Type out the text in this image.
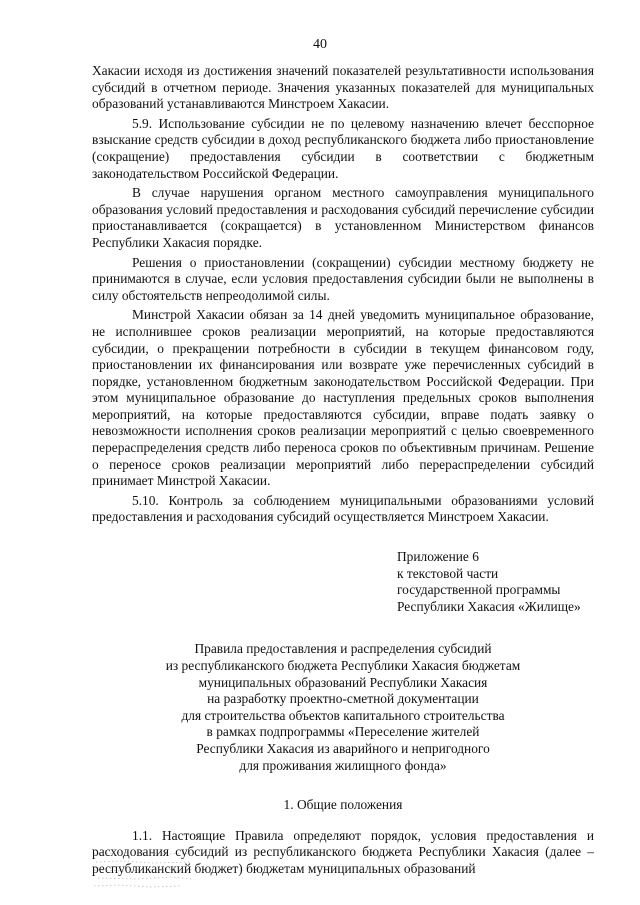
40

Хакасии исходя из достижения значений показателей результативности использования субсидий в отчетном периоде. Значения указанных показателей для муниципальных образований устанавливаются Минстроем Хакасии.

5.9. Использование субсидии не по целевому назначению влечет бесспорное взыскание средств субсидии в доход республиканского бюджета либо приостановление (сокращение) предоставления субсидии в соответствии с бюджетным законодательством Российской Федерации.

В случае нарушения органом местного самоуправления муниципального образования условий предоставления и расходования субсидий перечисление субсидии приостанавливается (сокращается) в установленном Министерством финансов Республики Хакасия порядке.

Решения о приостановлении (сокращении) субсидии местному бюджету не принимаются в случае, если условия предоставления субсидии были не выполнены в силу обстоятельств непреодолимой силы.

Минстрой Хакасии обязан за 14 дней уведомить муниципальное образование, не исполнившее сроков реализации мероприятий, на которые предоставляются субсидии, о прекращении потребности в субсидии в текущем финансовом году, приостановлении их финансирования или возврате уже перечисленных субсидий в порядке, установленном бюджетным законодательством Российской Федерации. При этом муниципальное образование до наступления предельных сроков выполнения мероприятий, на которые предоставляются субсидии, вправе подать заявку о невозможности исполнения сроков реализации мероприятий с целью своевременного перераспределения средств либо переноса сроков по объективным причинам. Решение о переносе сроков реализации мероприятий либо перераспределении субсидий принимает Минстрой Хакасии.

5.10. Контроль за соблюдением муниципальными образованиями условий предоставления и расходования субсидий осуществляется Минстроем Хакасии.

Приложение 6
к текстовой части
государственной программы
Республики Хакасия «Жилище»
Правила предоставления и распределения субсидий
из республиканского бюджета Республики Хакасия бюджетам
муниципальных образований Республики Хакасия
на разработку проектно-сметной документации
для строительства объектов капитального строительства
в рамках подпрограммы «Переселение жителей
Республики Хакасия из аварийного и непригодного
для проживания жилищного фонда»
1. Общие положения

1.1. Настоящие Правила определяют порядок, условия предоставления и расходования субсидий из республиканского бюджета Республики Хакасия (далее – республиканский бюджет) бюджетам муниципальных образований
